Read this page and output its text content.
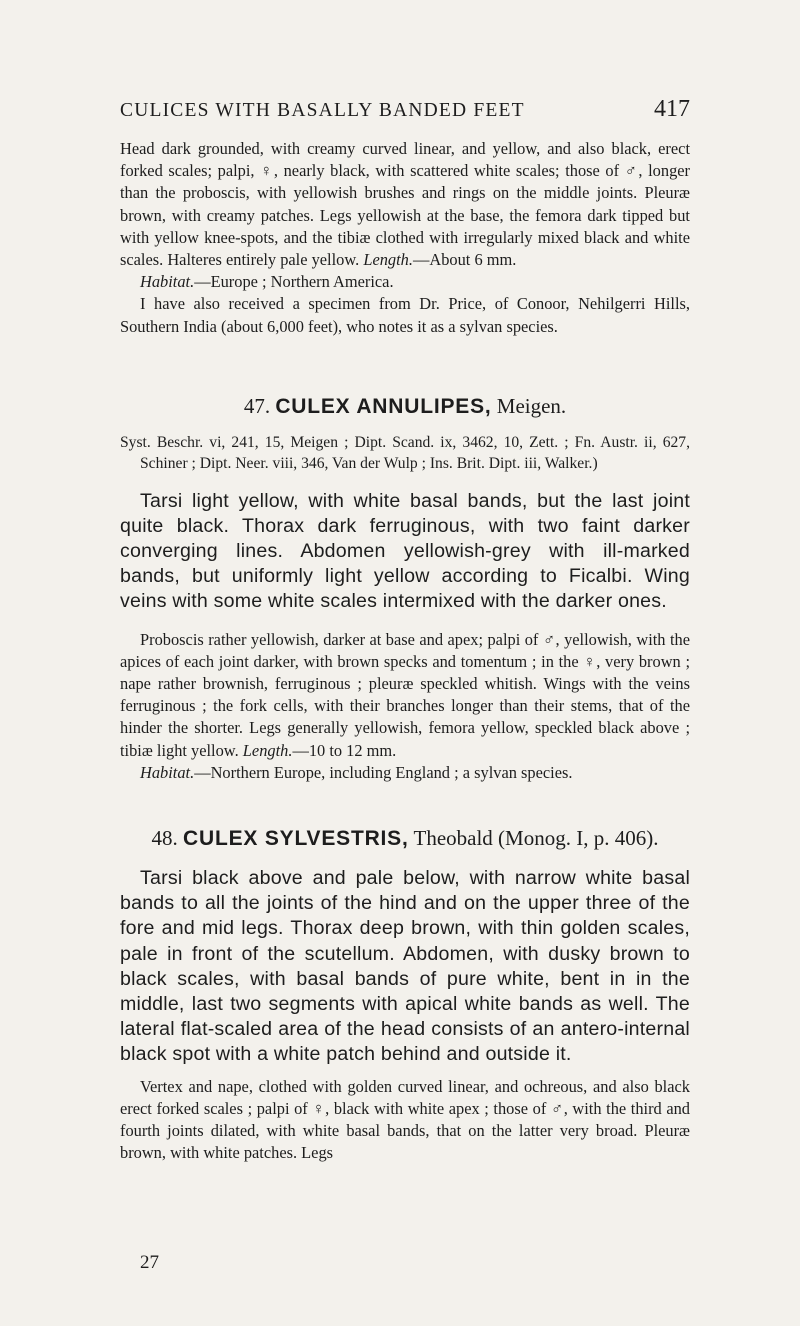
CULICES WITH BASALLY BANDED FEET	417

Head dark grounded, with creamy curved linear, and yellow, and also black, erect forked scales; palpi, ♀, nearly black, with scattered white scales; those of ♂, longer than the proboscis, with yellowish brushes and rings on the middle joints. Pleuræ brown, with creamy patches. Legs yellowish at the base, the femora dark tipped but with yellow knee-spots, and the tibiæ clothed with irregularly mixed black and white scales. Halteres entirely pale yellow. Length.—About 6 mm.

Habitat.—Europe ; Northern America.

I have also received a specimen from Dr. Price, of Conoor, Nehilgerri Hills, Southern India (about 6,000 feet), who notes it as a sylvan species.

47. CULEX ANNULIPES, Meigen.

Syst. Beschr. vi, 241, 15, Meigen ; Dipt. Scand. ix, 3462, 10, Zett. ; Fn. Austr. ii, 627, Schiner ; Dipt. Neer. viii, 346, Van der Wulp ; Ins. Brit. Dipt. iii, Walker.)

Tarsi light yellow, with white basal bands, but the last joint quite black. Thorax dark ferruginous, with two faint darker converging lines. Abdomen yellowish-grey with ill-marked bands, but uniformly light yellow according to Ficalbi. Wing veins with some white scales intermixed with the darker ones.

Proboscis rather yellowish, darker at base and apex; palpi of ♂, yellowish, with the apices of each joint darker, with brown specks and tomentum ; in the ♀, very brown ; nape rather brownish, ferruginous ; pleuræ speckled whitish. Wings with the veins ferruginous ; the fork cells, with their branches longer than their stems, that of the hinder the shorter. Legs generally yellowish, femora yellow, speckled black above ; tibiæ light yellow. Length.—10 to 12 mm.

Habitat.—Northern Europe, including England ; a sylvan species.

48. CULEX SYLVESTRIS, Theobald (Monog. I, p. 406).

Tarsi black above and pale below, with narrow white basal bands to all the joints of the hind and on the upper three of the fore and mid legs. Thorax deep brown, with thin golden scales, pale in front of the scutellum. Abdomen, with dusky brown to black scales, with basal bands of pure white, bent in in the middle, last two segments with apical white bands as well. The lateral flat-scaled area of the head consists of an antero-internal black spot with a white patch behind and outside it.

Vertex and nape, clothed with golden curved linear, and ochreous, and also black erect forked scales ; palpi of ♀, black with white apex ; those of ♂, with the third and fourth joints dilated, with white basal bands, that on the latter very broad. Pleuræ brown, with white patches. Legs

27
